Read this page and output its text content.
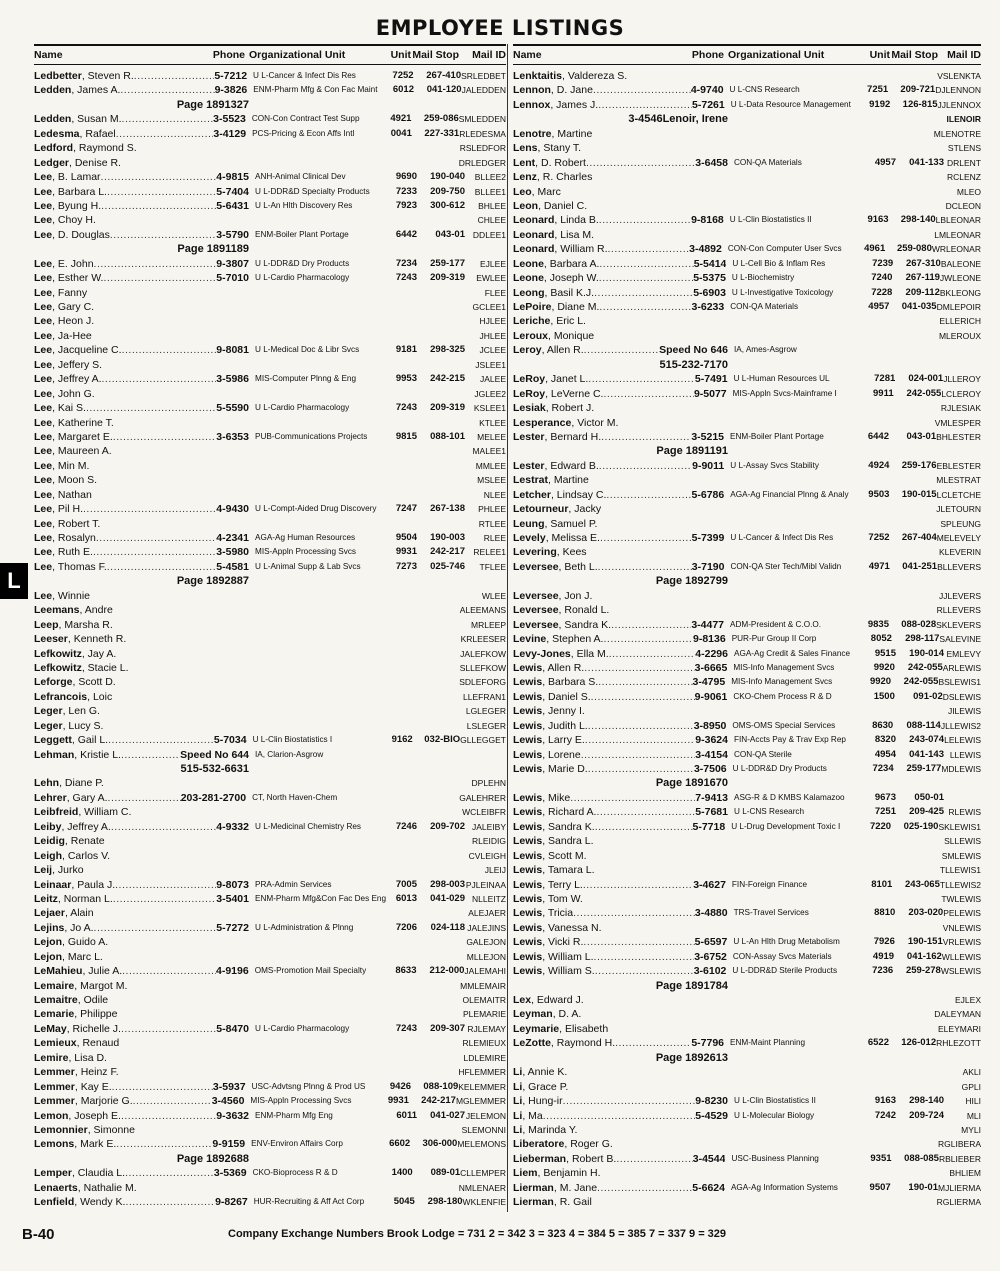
EMPLOYEE LISTINGS
Name	Phone Organizational Unit	Unit Mail Stop	Mail ID
Ledbetter, Steven R. .....	5-7212 U L-Cancer & Infect Dis Res	7252	267-410 SRLEDBET
Ledden, James A. .....	9-3826 ENM-Pharm Mfg & Con Fac Maint	6012	041-120 JALEDDEN
Page 1891327
Ledden, Susan M. .....	3-5523 CON-Con Contract Test Supp	4921	259-086 SMLEDDEN
Ledesma, Rafael .....	3-4129 PCS-Pricing & Econ Affs Intl	0041	227-331 RLEDESMA
Ledford, Raymond S.	RSLEDFOR
Ledger, Denise R.	DRLEDGER
Lee, B. Lamar .....	4-9815 ANH-Animal Clinical Dev	9690	190-040	BLLEE2
Lee, Barbara L. .....	5-7404 U L-DDR&D Specialty Products	7233	209-750	BLLEE1
Lee, Byung H. .....	5-6431 U L-An Hlth Discovery Res	7923	300-612	BHLEE
Lee, Choy H.	CHLEE
Lee, D. Douglas .....	3-5790 ENM-Boiler Plant Portage	6442	043-01 DDLEE1
Page 1891189
Lee, E. John .....	9-3807 U L-DDR&D Dry Products	7234	259-177	EJLEE
Lee, Esther W. .....	5-7010 U L-Cardio Pharmacology	7243	209-319	EWLEE
Lee, Fanny	FLEE
Lee, Gary C.	GCLEE1
Lee, Heon J.	HJLEE
Lee, Ja-Hee	JHLEE
Lee, Jacqueline C. .....	9-8081 U L-Medical Doc & Libr Svcs	9181	298-325	JCLEE
Lee, Jeffery S.	JSLEE1
Lee, Jeffrey A. .....	3-5986 MIS-Computer Plnng & Eng	9953	242-215	JALEE
Lee, John G.	JGLEE2
Lee, Kai S. .....	5-5590 U L-Cardio Pharmacology	7243	209-319	KSLEE1
Lee, Katherine T.	KTLEE
Lee, Margaret E. .....	3-6353 PUB-Communications Projects	9815	088-101	MELEE
Lee, Maureen A.	MALEE1
Lee, Min M.	MMLEE
Lee, Moon S.	MSLEE
Lee, Nathan	NLEE
Lee, Pil H. .....	4-9430 U L-Compt-Aided Drug Discovery	7247	267-138	PHLEE
Lee, Robert T.	RTLEE
Lee, Rosalyn .....	4-2341 AGA-Ag Human Resources	9504	190-003	RLEE
Lee, Ruth E. .....	3-5980 MIS-Appln Processing Svcs	9931	242-217 RELEE1
Lee, Thomas F. .....	5-4581 U L-Animal Supp & Lab Svcs	7273	025-746	TFLEE
Page 1892887
Lee, Winnie	WLEE
Leemans, Andre	ALEEMANS
Leep, Marsha R.	MRLEEP
Leeser, Kenneth R.	KRLEESER
Lefkowitz, Jay A.	JALEFKOW
Lefkowitz, Stacie L.	SLLEFKOW
Leforge, Scott D.	SDLEFORG
Lefrancois, Loic	LLEFRAN1
Leger, Len G.	LGLEGER
Leger, Lucy S.	LSLEGER
Leggett, Gail L. .....	5-7034 U L-Clin Biostatistics I	9162	032-BIO GLLEGGET
Lehman, Kristie L. .....	Speed No 644 IA, Clarion-Asgrow
515-532-6631
Lehn, Diane P.	DPLEHN
Lehrer, Gary A. .....	203-281-2700 CT, North Haven-Chem	GALEHRER
Leibfreid, William C.	WCLEIBFR
Leiby, Jeffrey A. .....	4-9332 U L-Medicinal Chemistry Res	7246	209-702 JALEIBY
Leidig, Renate	RLEIDIG
Leigh, Carlos V.	CVLEIGH
Leij, Jurko	JLEIJ
Leinaar, Paula J. .....	9-8073 PRA-Admin Services	7005	298-003 PJLEINAA
Leitz, Norman L. .....	3-5401 ENM-Pharm Mfg&Con Fac Des Eng	6013	041-029 NLLEITZ
Lejaer, Alain	ALEJAER
Lejins, Jo A. .....	5-7272 U L-Administration & Plnng	7206	024-118 JALEJINS
Lejon, Guido A.	GALEJON
Lejon, Marc L.	MLLEJON
LeMahieu, Julie A. .....	4-9196 OMS-Promotion Mail Specialty	8633	212-000 JALEMAHI
Lemaire, Margot M.	MMLEMAIR
Lemaitre, Odile	OLEMAITR
Lemarie, Philippe	PLEMARIE
LeMay, Richelle J. .....	5-8470 U L-Cardio Pharmacology	7243	209-307 RJLEMAY
Lemieux, Renaud	RLEMIEUX
Lemire, Lisa D.	LDLEMIRE
Lemmer, Heinz F.	HFLEMMER
Lemmer, Kay E. .....	3-5937 USC-Advtsng Plnng & Prod US	9426	088-109 KELEMMER
Lemmer, Marjorie G. .....	3-4560 MIS-Appln Processing Svcs	9931	242-217 MGLEMMER
Lemon, Joseph E. .....	9-3632 ENM-Pharm Mfg Eng	6011	041-027 JELEMON
Lemonnier, Simonne	SLEMONNI
Lemons, Mark E. .....	9-9159 ENV-Environ Affairs Corp	6602	306-000 MELEMONS
Page 1892688
Lemper, Claudia L. .....	3-5369 CKO-Bioprocess R & D	1400	089-01 CLLEMPER
Lenaerts, Nathalie M.	NMLENAER
Lenfield, Wendy K. .....	9-8267 HUR-Recruiting & Aff Act Corp	5045	298-180 WKLENFIE
Name	Phone Organizational Unit	Unit Mail Stop Mail ID
Lenktaitis, Valdereza S.	VSLENKTA
Lennon, D. Jane .....	4-9740 U L-CNS Research	7251	209-721 DJLENNON
Lennox, James J. .....	5-7261 U L-Data Resource Management	9192	126-815 JJLENNOX
3-4546Lenoir, Irene	ILENOIR
Lenotre, Martine	MLENOTRE
Lens, Stany T.	STLENS
Lent, D. Robert .....	3-6458 CON-QA Materials	4957	041-133 DRLENT
Lenz, R. Charles	RCLENZ
Leo, Marc	MLEO
Leon, Daniel C.	DCLEON
Leonard, Linda B. .....	9-8168 U L-Clin Biostatistics II	9163	298-140 LBLEONAR
Leonard, Lisa M.	LMLEONAR
Leonard, William R. .....	3-4892 CON-Con Computer User Svcs	4961	259-080 WRLEONAR
Leone, Barbara A. .....	5-5414 U L-Cell Bio & Inflam Res	7239	267-310 BALEONE
Leone, Joseph W. .....	5-5375 U L-Biochemistry	7240	267-119 JWLEONE
Leong, Basil K.J. .....	5-6903 U L-Investigative Toxicology	7228	209-112 BKLEONG
LePoire, Diane M. .....	3-6233 CON-QA Materials	4957	041-035 DMLEPOIR
Leriche, Eric L.	ELLERICH
Leroux, Monique	MLEROUX
Leroy, Allen R. .....	Speed No 646 IA, Ames-Asgrow
515-232-7170
LeRoy, Janet L. .....	5-7491 U L-Human Resources UL	7281	024-001 JLLEROY
LeRoy, LeVerne C. .....	9-5077 MIS-Appln Svcs-Mainframe I	9911	242-055 LCLEROY
Lesiak, Robert J.	RJLESIAK
Lesperance, Victor M.	VMLESPER
Lester, Bernard H. .....	3-5215 ENM-Boiler Plant Portage	6442	043-01 BHLESTER
Page 1891191
Lester, Edward B. .....	9-9011 U L-Assay Svcs Stability	4924	259-176 EBLESTER
Lestrat, Martine	MLESTRAT
Letcher, Lindsay C. .....	5-6786 AGA-Ag Financial Plnng & Analy	9503	190-015 LCLETCHE
Letourneur, Jacky	JLETOURN
Leung, Samuel P.	SPLEUNG
Levely, Melissa E. .....	5-7399 U L-Cancer & Infect Dis Res	7252	267-404 MELEVELY
Levering, Kees	KLEVERIN
Leversee, Beth L. .....	3-7190 CON-QA Ster Tech/Mibl Validn	4971	041-251 BLLEVERS
Page 1892799
Leversee, Jon J.	JJLEVERS
Leversee, Ronald L.	RLLEVERS
Leversee, Sandra K. .....	3-4477 ADM-President & C.O.O.	9835	088-028 SKLEVERS
Levine, Stephen A. .....	9-8136 PUR-Pur Group II Corp	8052	298-117 SALEVINE
Levy-Jones, Ella M. .....	4-2296 AGA-Ag Credit & Sales Finance	9515	190-014 EMLEVY
Lewis, Allen R. .....	3-6665 MIS-Info Management Svcs	9920	242-055 ARLEWIS
Lewis, Barbara S. .....	3-4795 MIS-Info Management Svcs	9920	242-055 BSLEWIS1
Lewis, Daniel S. .....	9-9061 CKO-Chem Process R & D	1500	091-02 DSLEWIS
Lewis, Jenny I.	JILEWIS
Lewis, Judith L. .....	3-8950 OMS-OMS Special Services	8630	088-114 JLLEWIS2
Lewis, Larry E. .....	9-3624 FIN-Accts Pay & Trav Exp Rep	8320	243-074 LELEWIS
Lewis, Lorene .....	3-4154 CON-QA Sterile	4954	041-143 LLEWIS
Lewis, Marie D. .....	3-7506 U L-DDR&D Dry Products	7234	259-177 MDLEWIS
Page 1891670
Lewis, Mike .....	7-9413 ASG-R & D KMBS Kalamazoo	9673	050-01
Lewis, Richard A. .....	5-7681 U L-CNS Research	7251	209-425 RLEWIS
Lewis, Sandra K. .....	5-7718 U L-Drug Development Toxic I	7220	025-190 SKLEWIS1
Lewis, Sandra L.	SLLEWIS
Lewis, Scott M.	SMLEWIS
Lewis, Tamara L.	TLLEWIS1
Lewis, Terry L. .....	3-4627 FIN-Foreign Finance	8101	243-065 TLLEWIS2
Lewis, Tom W.	TWLEWIS
Lewis, Tricia .....	3-4880 TRS-Travel Services	8810	203-020 PELEWIS
Lewis, Vanessa N.	VNLEWIS
Lewis, Vicki R. .....	5-6597 U L-An Hlth Drug Metabolism	7926	190-151 VRLEWIS
Lewis, William L. .....	3-6752 CON-Assay Svcs Materials	4919	041-162 WLLEWIS
Lewis, William S. .....	3-6102 U L-DDR&D Sterile Products	7236	259-278 WSLEWIS
Page 1891784
Lex, Edward J.	EJLEX
Leyman, D. A.	DALEYMAN
Leymarie, Elisabeth	ELEYMARI
LeZotte, Raymond H. .....	5-7796 ENM-Maint Planning	6522	126-012 RHLEZOTT
Page 1892613
Li, Annie K.	AKLI
Li, Grace P.	GPLI
Li, Hung-ir .....	9-8230 U L-Clin Biostatistics II	9163	298-140	HILI
Li, Ma .....	5-4529 U L-Molecular Biology	7242	209-724	MLI
Li, Marinda Y.	MYLI
Liberatore, Roger G.	RGLIBERA
Lieberman, Robert B. .....	3-4544 USC-Business Planning	9351	088-085 RBLIEBER
Liem, Benjamin H.	BHLIEM
Lierman, M. Jane .....	5-6624 AGA-Ag Information Systems	9507	190-01 MJLIERMA
Lierman, R. Gail	RGLIERMA
L
B-40	Company Exchange Numbers Brook Lodge = 731 2 = 342 3 = 323 4 = 384 5 = 385 7 = 337 9 = 329
